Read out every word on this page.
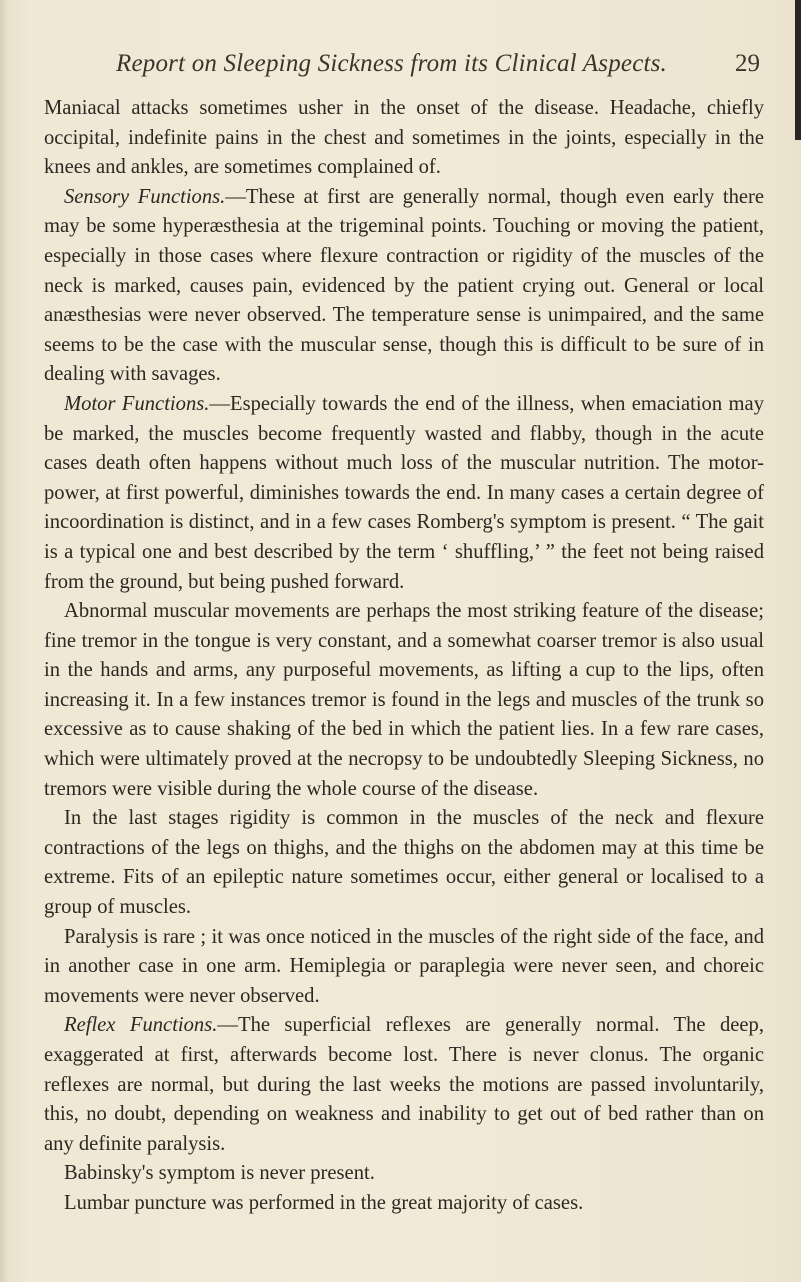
Report on Sleeping Sickness from its Clinical Aspects.	29

Maniacal attacks sometimes usher in the onset of the disease. Headache, chiefly occipital, indefinite pains in the chest and sometimes in the joints, especially in the knees and ankles, are sometimes complained of.

Sensory Functions.—These at first are generally normal, though even early there may be some hyperæsthesia at the trigeminal points. Touching or moving the patient, especially in those cases where flexure contraction or rigidity of the muscles of the neck is marked, causes pain, evidenced by the patient crying out. General or local anæsthesias were never observed. The temperature sense is unimpaired, and the same seems to be the case with the muscular sense, though this is difficult to be sure of in dealing with savages.

Motor Functions.—Especially towards the end of the illness, when emaciation may be marked, the muscles become frequently wasted and flabby, though in the acute cases death often happens without much loss of the muscular nutrition. The motor-power, at first powerful, diminishes towards the end. In many cases a certain degree of incoordination is distinct, and in a few cases Romberg's symptom is present. “ The gait is a typical one and best described by the term ‘ shuffling,’ ” the feet not being raised from the ground, but being pushed forward.

Abnormal muscular movements are perhaps the most striking feature of the disease; fine tremor in the tongue is very constant, and a somewhat coarser tremor is also usual in the hands and arms, any purposeful movements, as lifting a cup to the lips, often increasing it. In a few instances tremor is found in the legs and muscles of the trunk so excessive as to cause shaking of the bed in which the patient lies. In a few rare cases, which were ultimately proved at the necropsy to be undoubtedly Sleeping Sickness, no tremors were visible during the whole course of the disease.

In the last stages rigidity is common in the muscles of the neck and flexure contractions of the legs on thighs, and the thighs on the abdomen may at this time be extreme. Fits of an epileptic nature sometimes occur, either general or localised to a group of muscles.

Paralysis is rare ; it was once noticed in the muscles of the right side of the face, and in another case in one arm. Hemiplegia or paraplegia were never seen, and choreic movements were never observed.

Reflex Functions.—The superficial reflexes are generally normal. The deep, exaggerated at first, afterwards become lost. There is never clonus. The organic reflexes are normal, but during the last weeks the motions are passed involuntarily, this, no doubt, depending on weakness and inability to get out of bed rather than on any definite paralysis.

Babinsky's symptom is never present.

Lumbar puncture was performed in the great majority of cases.
